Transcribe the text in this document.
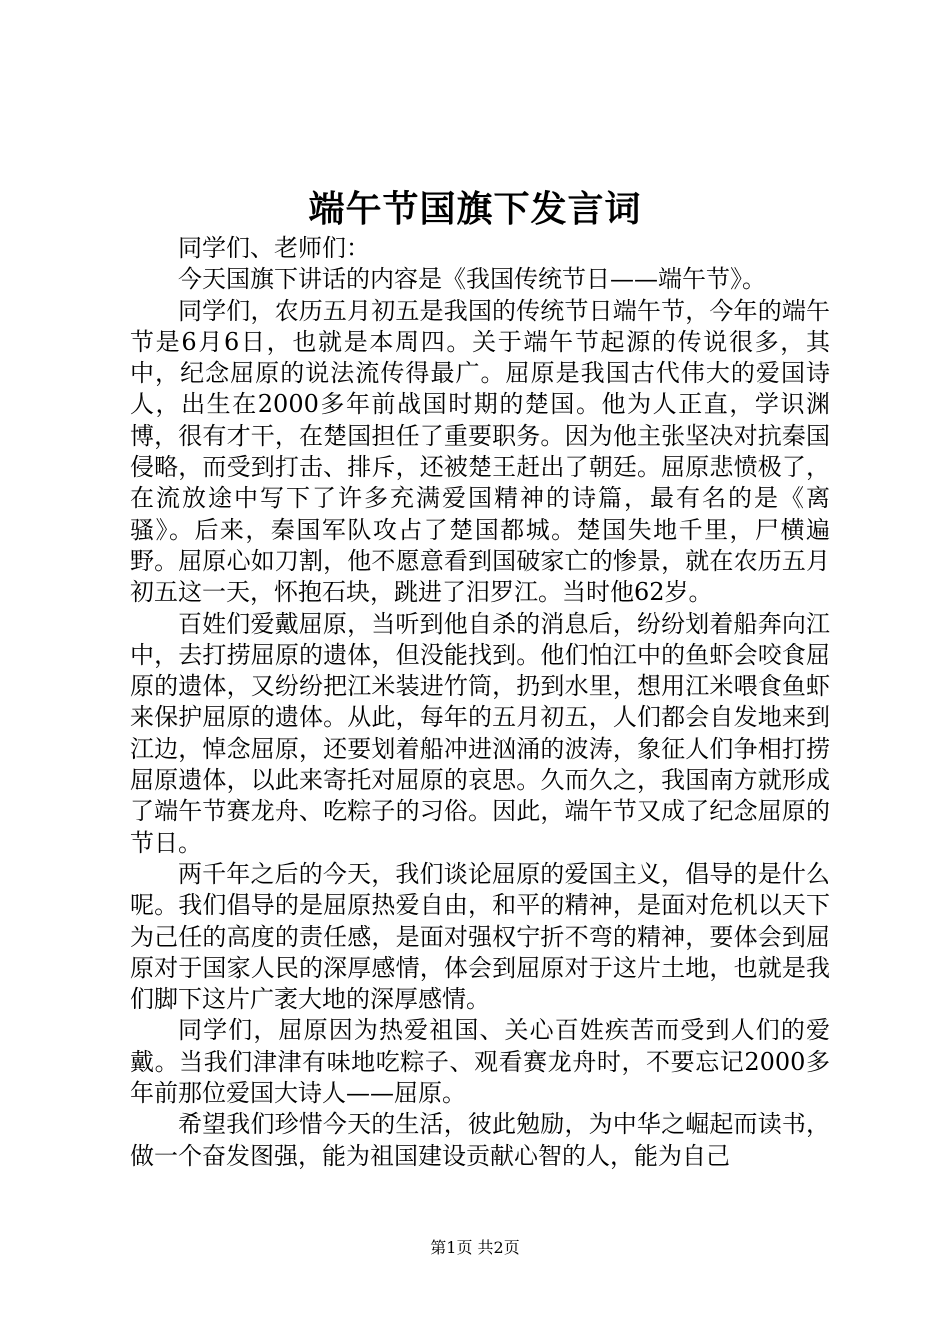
端午节国旗下发言词

同学们、老师们：

今天国旗下讲话的内容是《我国传统节日——端午节》。

同学们，农历五月初五是我国的传统节日端午节，今年的端午节是6月6日，也就是本周四。关于端午节起源的传说很多，其中，纪念屈原的说法流传得最广。屈原是我国古代伟大的爱国诗人，出生在2000多年前战国时期的楚国。他为人正直，学识渊博，很有才干，在楚国担任了重要职务。因为他主张坚决对抗秦国侵略，而受到打击、排斥，还被楚王赶出了朝廷。屈原悲愤极了，在流放途中写下了许多充满爱国精神的诗篇，最有名的是《离骚》。后来，秦国军队攻占了楚国都城。楚国失地千里，尸横遍野。屈原心如刀割，他不愿意看到国破家亡的惨景，就在农历五月初五这一天，怀抱石块，跳进了汨罗江。当时他62岁。

百姓们爱戴屈原，当听到他自杀的消息后，纷纷划着船奔向江中，去打捞屈原的遗体，但没能找到。他们怕江中的鱼虾会咬食屈原的遗体，又纷纷把江米装进竹筒，扔到水里，想用江米喂食鱼虾来保护屈原的遗体。从此，每年的五月初五，人们都会自发地来到江边，悼念屈原，还要划着船冲进汹涌的波涛，象征人们争相打捞屈原遗体，以此来寄托对屈原的哀思。久而久之，我国南方就形成了端午节赛龙舟、吃粽子的习俗。因此，端午节又成了纪念屈原的节日。

两千年之后的今天，我们谈论屈原的爱国主义，倡导的是什么呢。我们倡导的是屈原热爱自由，和平的精神，是面对危机以天下为己任的高度的责任感，是面对强权宁折不弯的精神，要体会到屈原对于国家人民的深厚感情，体会到屈原对于这片土地，也就是我们脚下这片广袤大地的深厚感情。

同学们，屈原因为热爱祖国、关心百姓疾苦而受到人们的爱戴。当我们津津有味地吃粽子、观看赛龙舟时，不要忘记2000多年前那位爱国大诗人——屈原。

希望我们珍惜今天的生活，彼此勉励，为中华之崛起而读书，做一个奋发图强，能为祖国建设贡献心智的人，能为自己

第1页 共2页
